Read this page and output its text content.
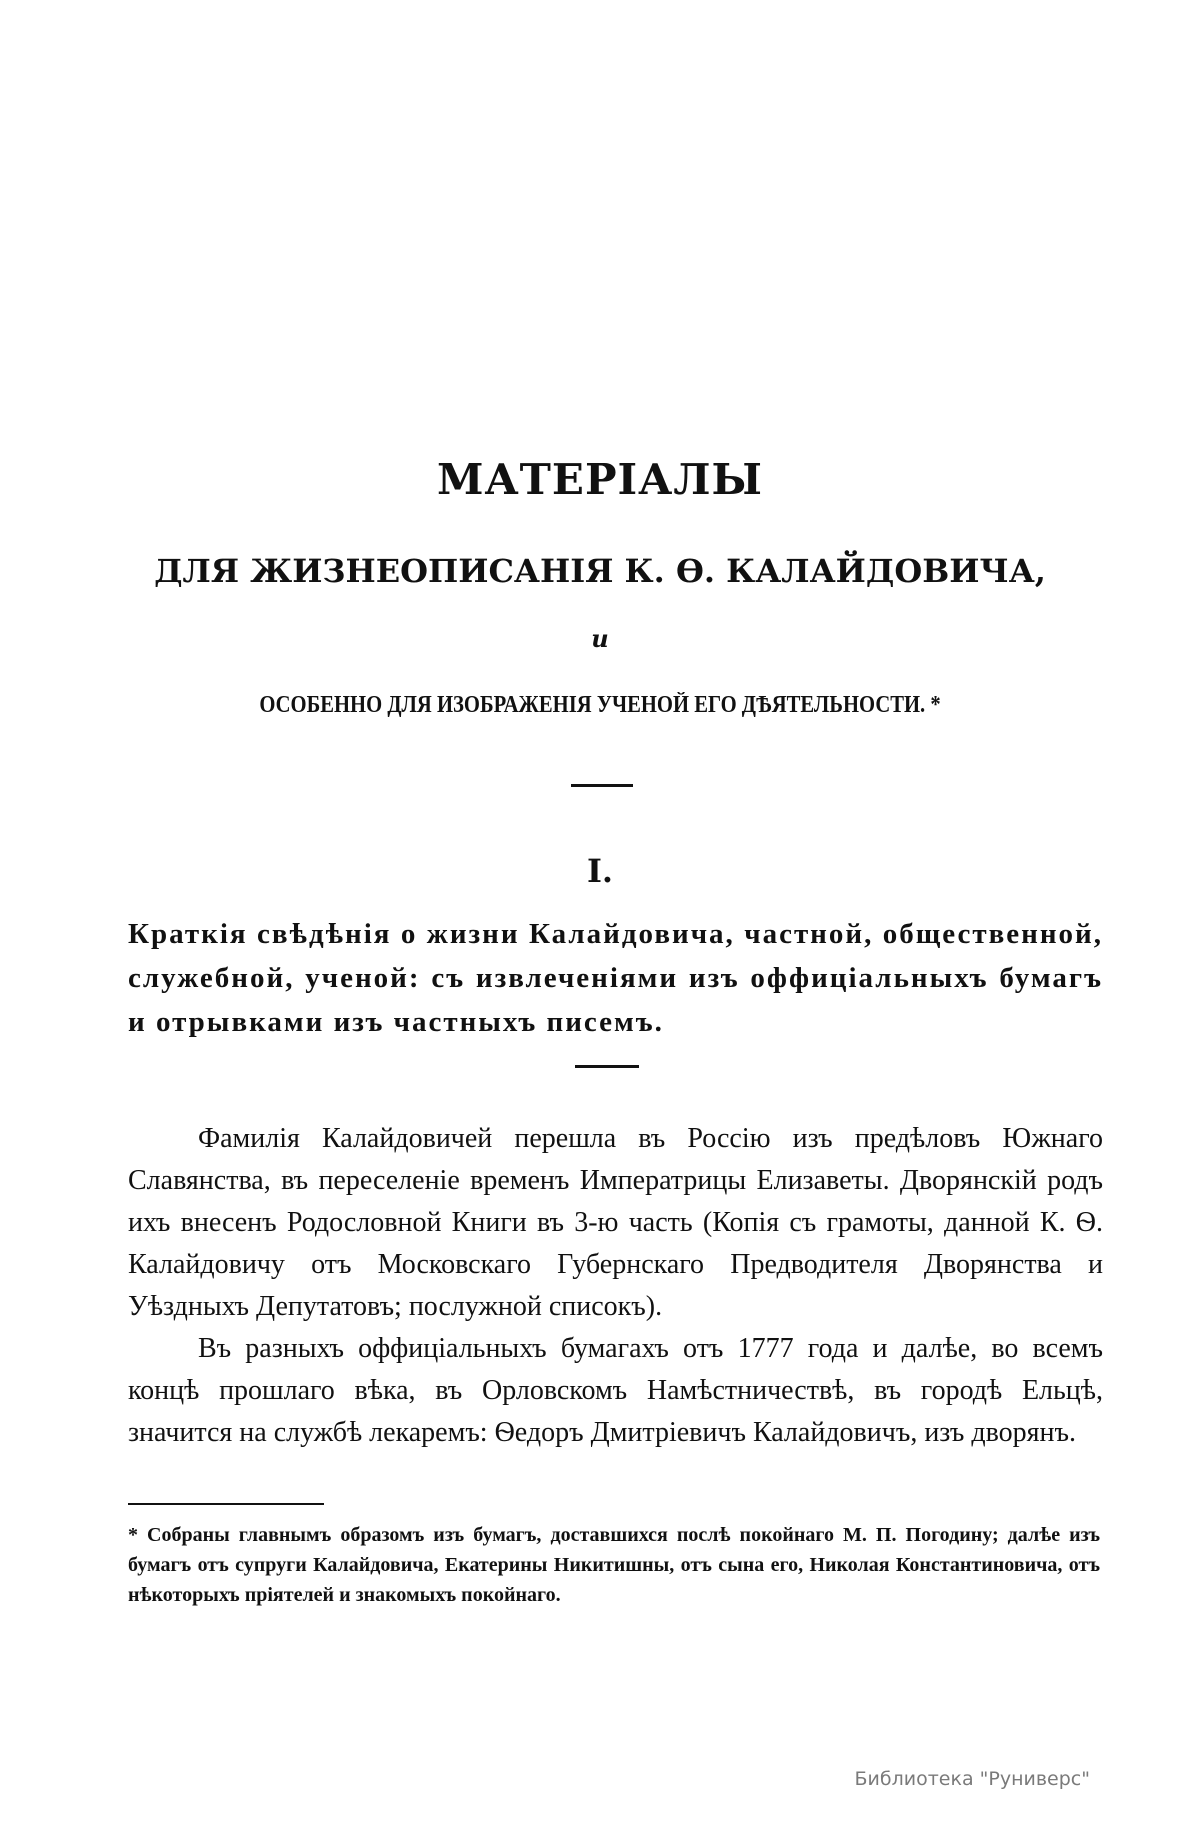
МАТЕРІАЛЫ
ДЛЯ ЖИЗНЕОПИСАНІЯ К. Ѳ. КАЛАЙДОВИЧА,
и
ОСОБЕННО ДЛЯ ИЗОБРАЖЕНІЯ УЧЕНОЙ ЕГО ДѢЯТЕЛЬНОСТИ. *
I.
Краткія свѣдѣнія о жизни Калайдовича, частной, общественной, служебной, ученой: съ извлеченіями изъ оффиціальныхъ бумагъ и отрывками изъ частныхъ писемъ.

Фамилія Калайдовичей перешла въ Россію изъ предѣловъ Южнаго Славянства, въ переселеніе временъ Императрицы Елизаветы. Дворянскій родъ ихъ внесенъ Родословной Книги въ 3-ю часть (Копія съ грамоты, данной К. Ѳ. Калайдовичу отъ Московскаго Губернскаго Предводителя Дворянства и Уѣздныхъ Депутатовъ; послужной списокъ).

Въ разныхъ оффиціальныхъ бумагахъ отъ 1777 года и далѣе, во всемъ концѣ прошлаго вѣка, въ Орловскомъ Намѣстничествѣ, въ городѣ Ельцѣ, значится на службѣ лекаремъ: Ѳедоръ Дмитріевичъ Калайдовичъ, изъ дворянъ.

* Собраны главнымъ образомъ изъ бумагъ, доставшихся послѣ покойнаго М. П. Погодину; далѣе изъ бумагъ отъ супруги Калайдовича, Екатерины Никитишны, отъ сына его, Николая Константиновича, отъ нѣкоторыхъ пріятелей и знакомыхъ покойнаго.
Библиотека "Руниверс"
